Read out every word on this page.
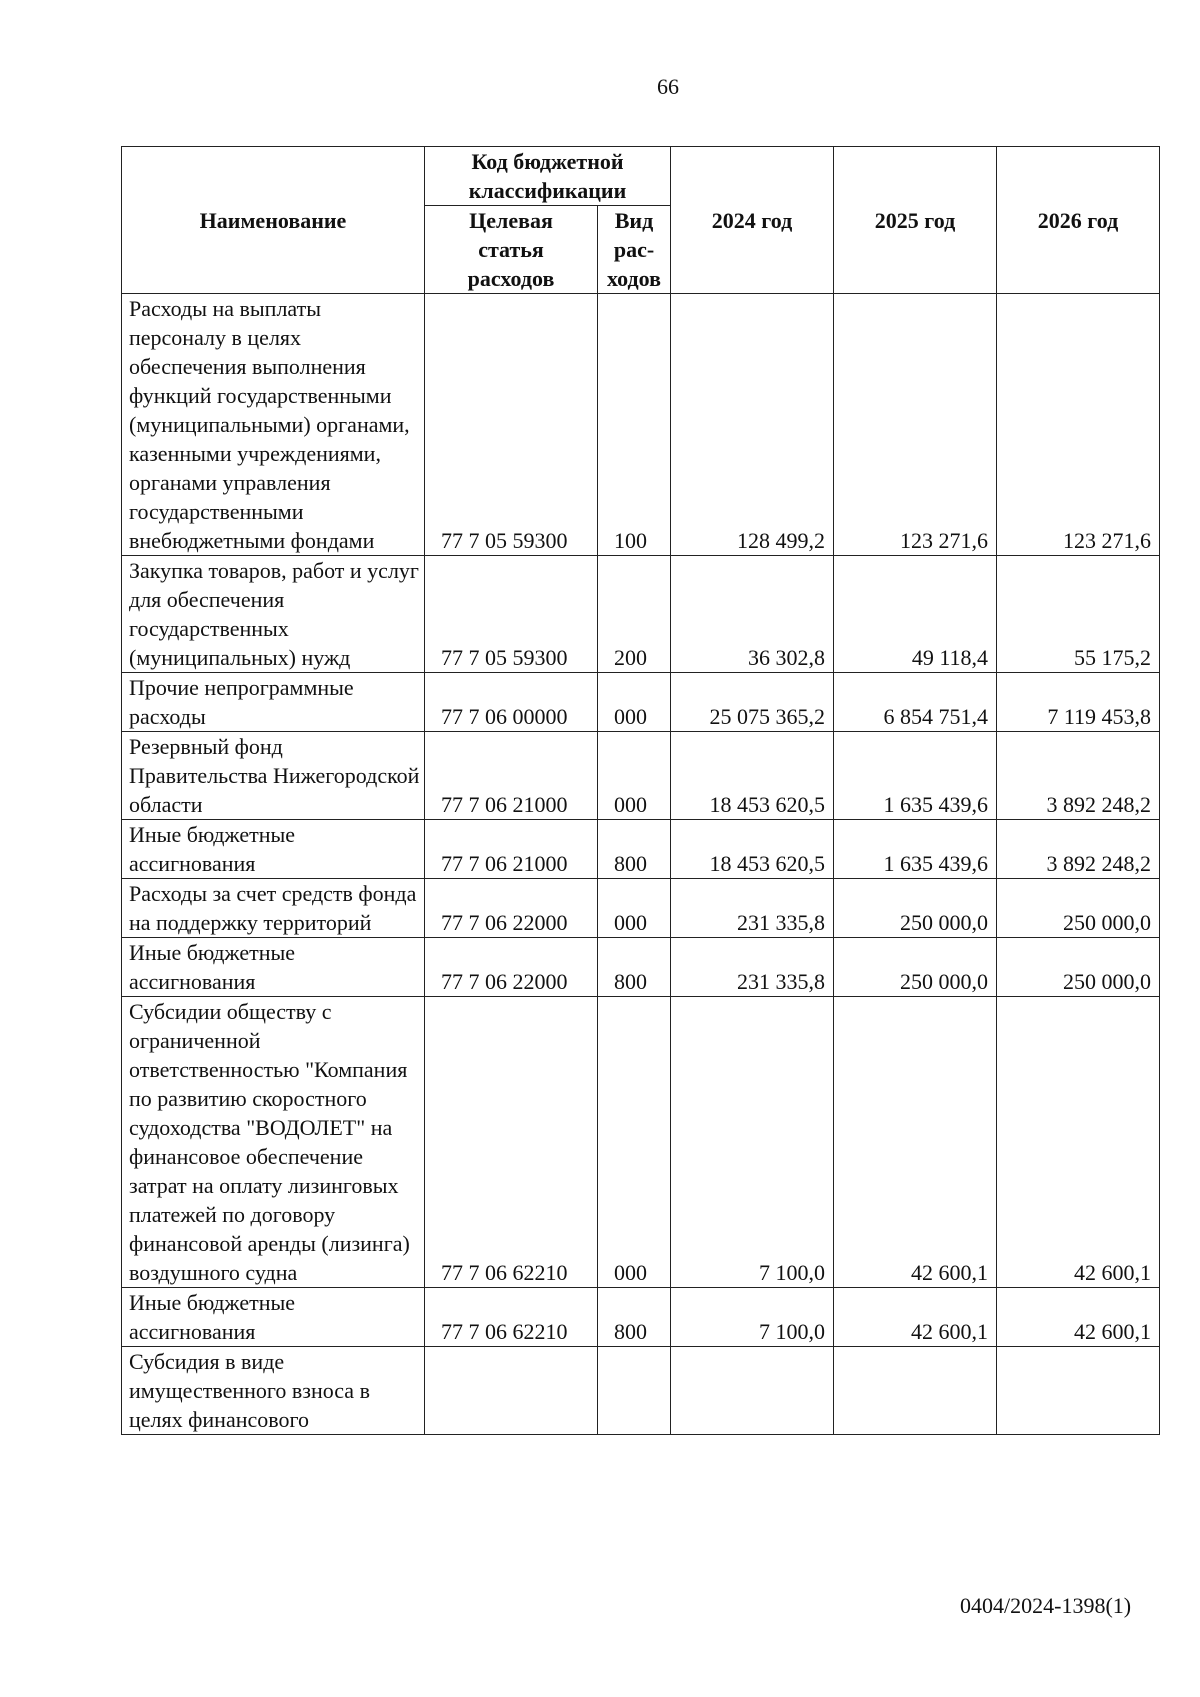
66
Наименование	Код бюджетной классификации		2024 год	2025 год	2026 год
	Целевая статья расходов	Вид рас-ходов			
Расходы на выплаты персоналу в целях обеспечения выполнения функций государственными (муниципальными) органами, казенными учреждениями, органами управления государственными внебюджетными фондами	77 7 05 59300	100	128 499,2	123 271,6	123 271,6
Закупка товаров, работ и услуг для обеспечения государственных (муниципальных) нужд	77 7 05 59300	200	36 302,8	49 118,4	55 175,2
Прочие непрограммные расходы	77 7 06 00000	000	25 075 365,2	6 854 751,4	7 119 453,8
Резервный фонд Правительства Нижегородской области	77 7 06 21000	000	18 453 620,5	1 635 439,6	3 892 248,2
Иные бюджетные ассигнования	77 7 06 21000	800	18 453 620,5	1 635 439,6	3 892 248,2
Расходы за счет средств фонда на поддержку территорий	77 7 06 22000	000	231 335,8	250 000,0	250 000,0
Иные бюджетные ассигнования	77 7 06 22000	800	231 335,8	250 000,0	250 000,0
Субсидии обществу с ограниченной ответственностью "Компания по развитию скоростного судоходства "ВОДОЛЕТ" на финансовое обеспечение затрат на оплату лизинговых платежей по договору финансовой аренды (лизинга) воздушного судна	77 7 06 62210	000	7 100,0	42 600,1	42 600,1
Иные бюджетные ассигнования	77 7 06 62210	800	7 100,0	42 600,1	42 600,1
Субсидия в виде имущественного взноса в целях финансового					
0404/2024-1398(1)
